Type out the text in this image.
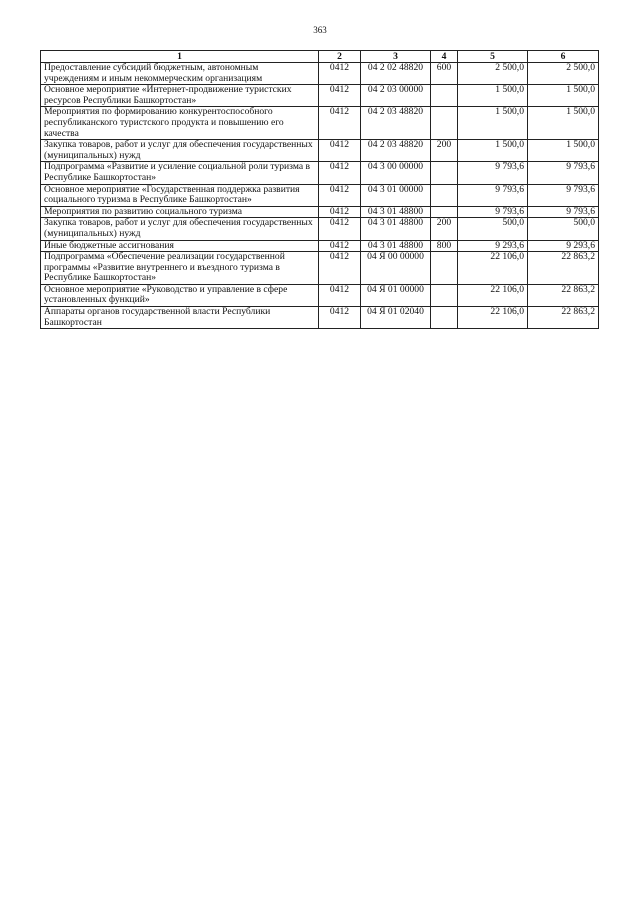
363
1	2	3	4	5	6
Предоставление субсидий бюджетным, автономным учреждениям и иным некоммерческим организациям	0412	04 2 02 48820	600	2 500,0	2 500,0
Основное мероприятие «Интернет-продвижение туристских ресурсов Республики Башкортостан»	0412	04 2 03 00000		1 500,0	1 500,0
Мероприятия по формированию конкурентоспособного республиканского туристского продукта и повышению его качества	0412	04 2 03 48820		1 500,0	1 500,0
Закупка товаров, работ и услуг для обеспечения государственных (муниципальных) нужд	0412	04 2 03 48820	200	1 500,0	1 500,0
Подпрограмма «Развитие и усиление социальной роли туризма в Республике Башкортостан»	0412	04 3 00 00000		9 793,6	9 793,6
Основное мероприятие «Государственная поддержка развития социального туризма в Республике Башкортостан»	0412	04 3 01 00000		9 793,6	9 793,6
Мероприятия по развитию социального туризма	0412	04 3 01 48800		9 793,6	9 793,6
Закупка товаров, работ и услуг для обеспечения государственных (муниципальных) нужд	0412	04 3 01 48800	200	500,0	500,0
Иные бюджетные ассигнования	0412	04 3 01 48800	800	9 293,6	9 293,6
Подпрограмма «Обеспечение реализации государственной программы «Развитие внутреннего и въездного туризма в Республике Башкортостан»	0412	04 Я 00 00000		22 106,0	22 863,2
Основное мероприятие «Руководство и управление в сфере установленных функций»	0412	04 Я 01 00000		22 106,0	22 863,2
Аппараты органов государственной власти Республики Башкортостан	0412	04 Я 01 02040		22 106,0	22 863,2
